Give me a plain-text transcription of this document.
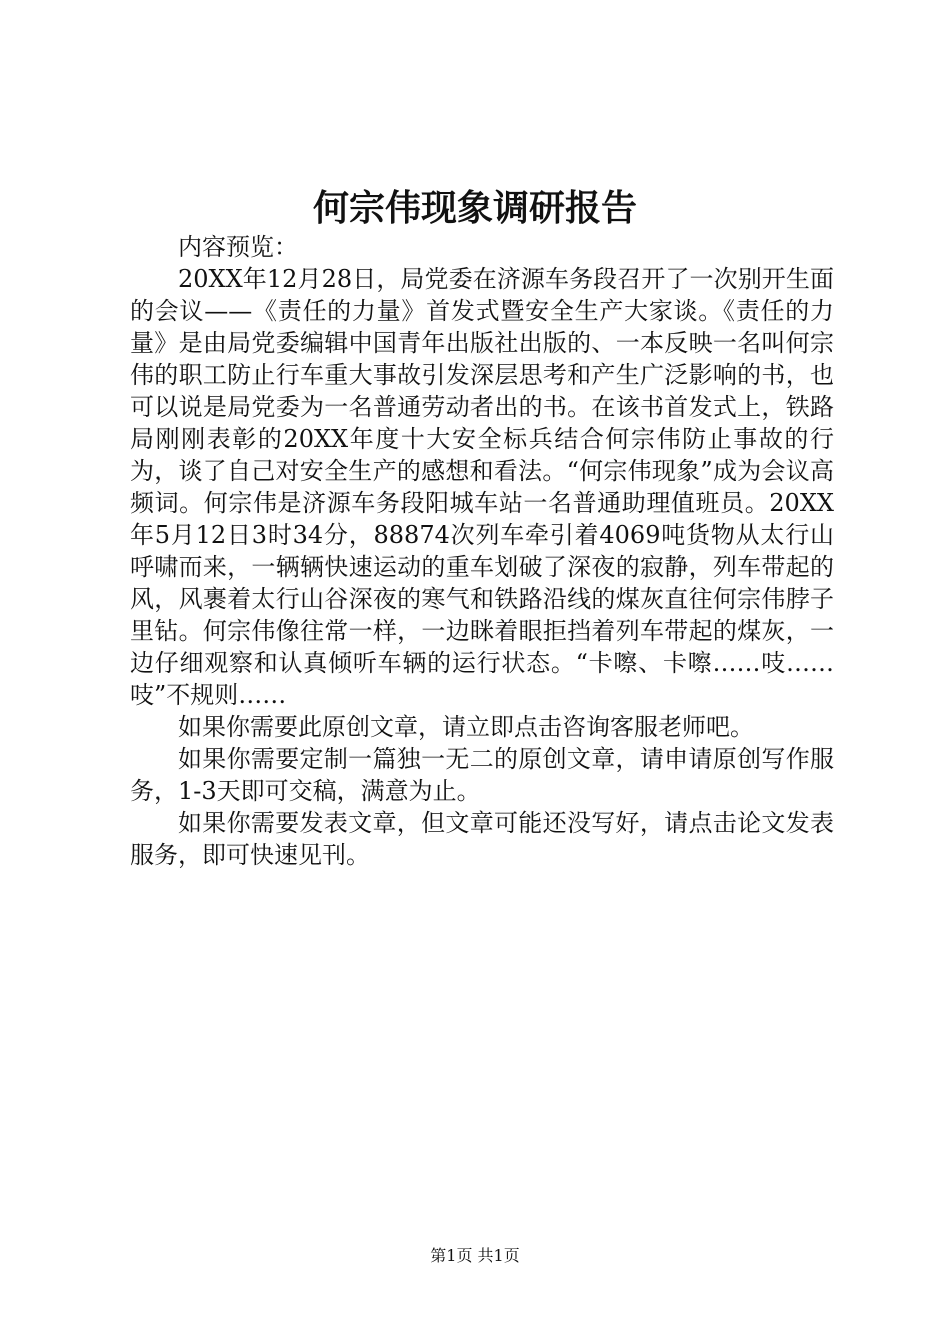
何宗伟现象调研报告

内容预览：

20XX年12月28日，局党委在济源车务段召开了一次别开生面的会议——《责任的力量》首发式暨安全生产大家谈。《责任的力量》是由局党委编辑中国青年出版社出版的、一本反映一名叫何宗伟的职工防止行车重大事故引发深层思考和产生广泛影响的书，也可以说是局党委为一名普通劳动者出的书。在该书首发式上，铁路局刚刚表彰的20XX年度十大安全标兵结合何宗伟防止事故的行为，谈了自己对安全生产的感想和看法。“何宗伟现象”成为会议高频词。何宗伟是济源车务段阳城车站一名普通助理值班员。20XX年5月12日3时34分，88874次列车牵引着4069吨货物从太行山呼啸而来，一辆辆快速运动的重车划破了深夜的寂静，列车带起的风，风裹着太行山谷深夜的寒气和铁路沿线的煤灰直往何宗伟脖子里钻。何宗伟像往常一样，一边眯着眼拒挡着列车带起的煤灰，一边仔细观察和认真倾听车辆的运行状态。“卡嚓、卡嚓……吱……吱”不规则……

如果你需要此原创文章，请立即点击咨询客服老师吧。

如果你需要定制一篇独一无二的原创文章，请申请原创写作服务，1-3天即可交稿，满意为止。

如果你需要发表文章，但文章可能还没写好，请点击论文发表服务，即可快速见刊。

第1页 共1页
